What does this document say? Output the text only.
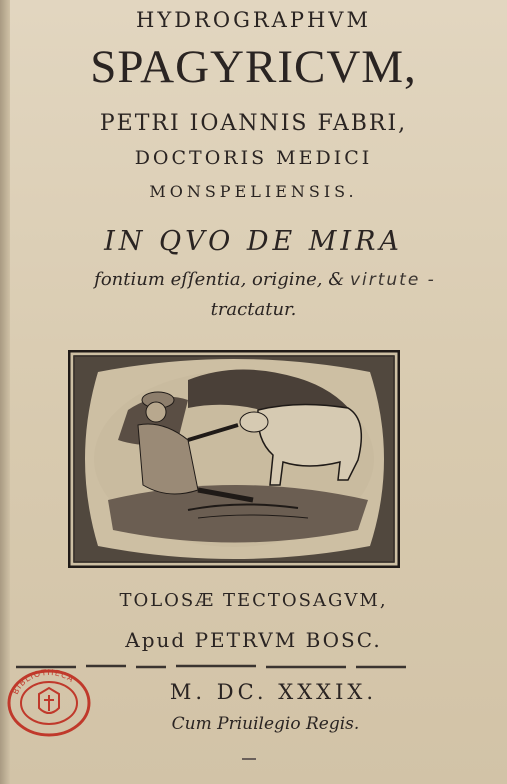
HYDROGRAPHVM
SPAGYRICVM,
PETRI IOANNIS FABRI,
DOCTORIS MEDICI
MONSPELIENSIS.
IN QVO DE MIRA
fontium eſſentia, origine, & virtute -
tractatur.
TOLOSÆ TECTOSAGVM,
Apud PETRVM BOSC.
M. DC. XXXIX.
Cum Priuilegio Regis.
BIBLIOTHECA
